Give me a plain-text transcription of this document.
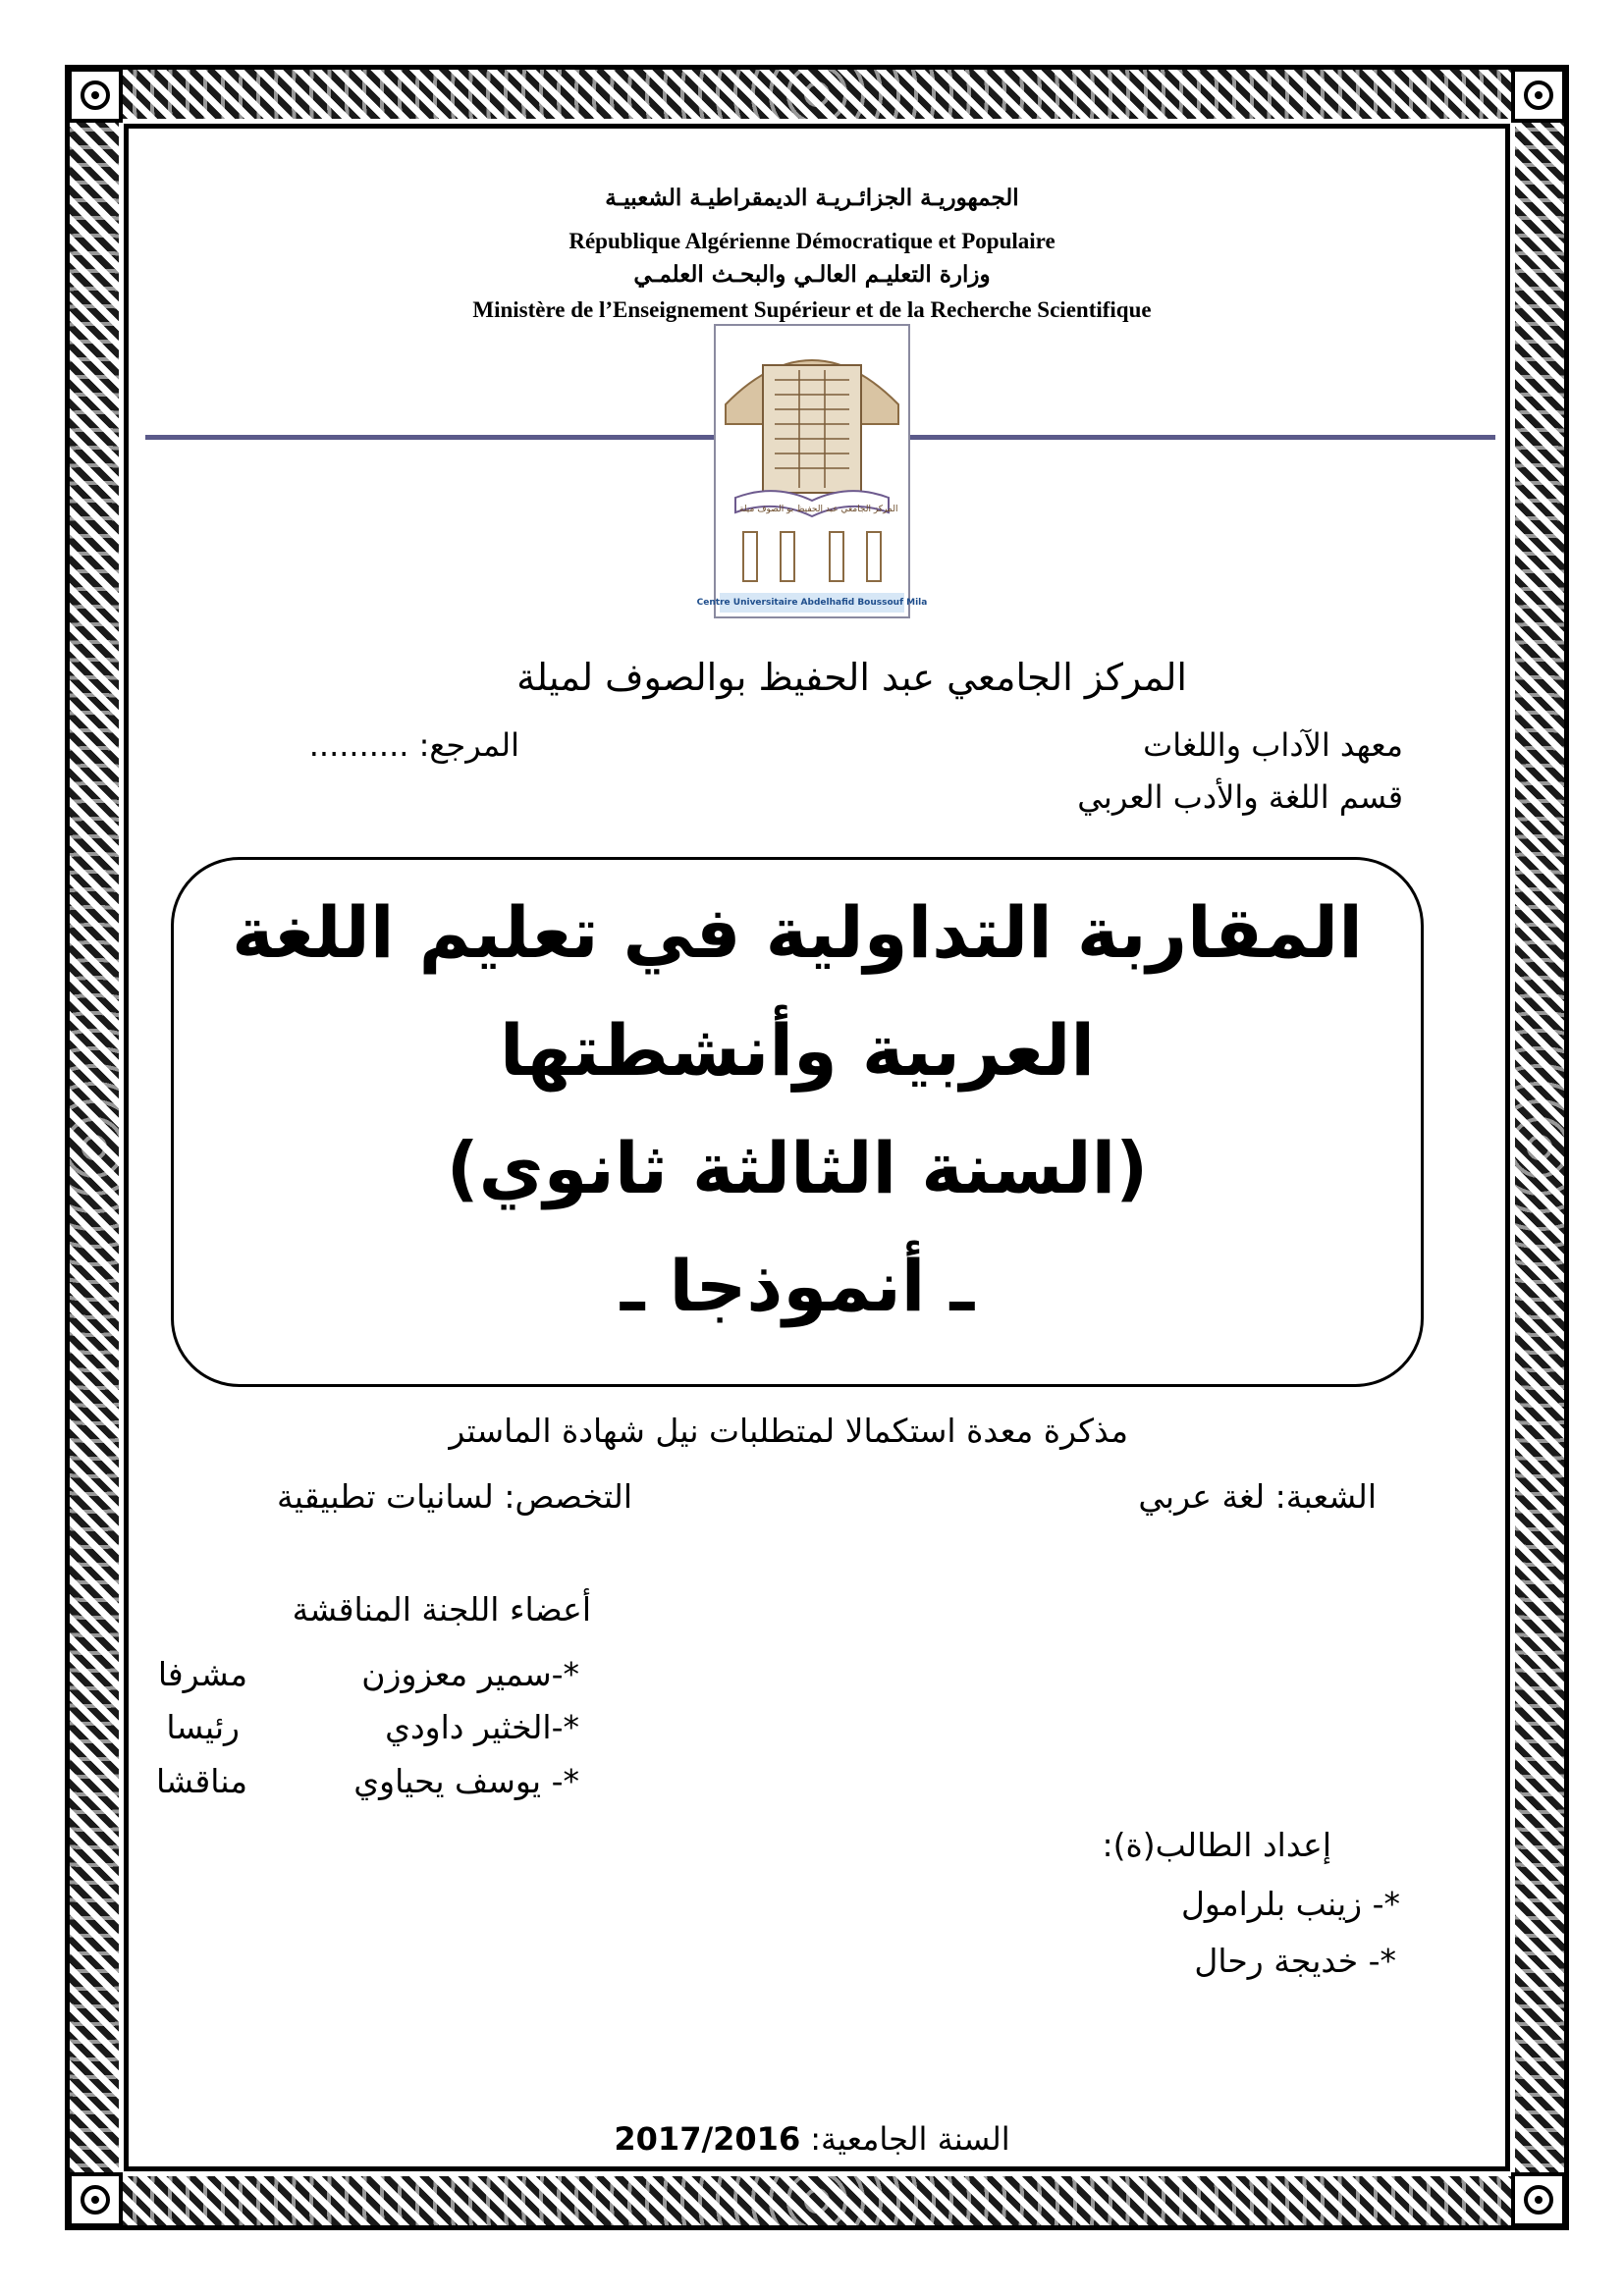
الجمهوريـة الجزائـريـة الديمقراطيـة الشعبيـة
République Algérienne Démocratique et Populaire
وزارة التعليـم العالـي والبحـث العلمـي
Ministère de l’Enseignement Supérieur et de la Recherche Scientifique
المركز الجامعي عبد الحفيظ بو الصوف ميلة
Centre Universitaire Abdelhafid Boussouf Mila
المركز الجامعي عبد الحفيظ بوالصوف لميلة
معهد الآداب واللغات
المرجع: ..........
قسم اللغة والأدب العربي
المقاربة التداولية في تعليم اللغة
العربية وأنشطتها
(السنة الثالثة ثانوي)
ـ أنموذجا ـ
مذكرة معدة استكمالا لمتطلبات نيل شهادة الماستر
الشعبة: لغة عربي
التخصص: لسانيات تطبيقية
أعضاء اللجنة المناقشة
*-سمير معزوزن
مشرفا
*-الخثير داودي
رئيسا
*- يوسف يحياوي
مناقشا
إعداد الطالب(ة):
*- زينب بلرامول
*- خديجة رحال
2017/2016 السنة الجامعية:
